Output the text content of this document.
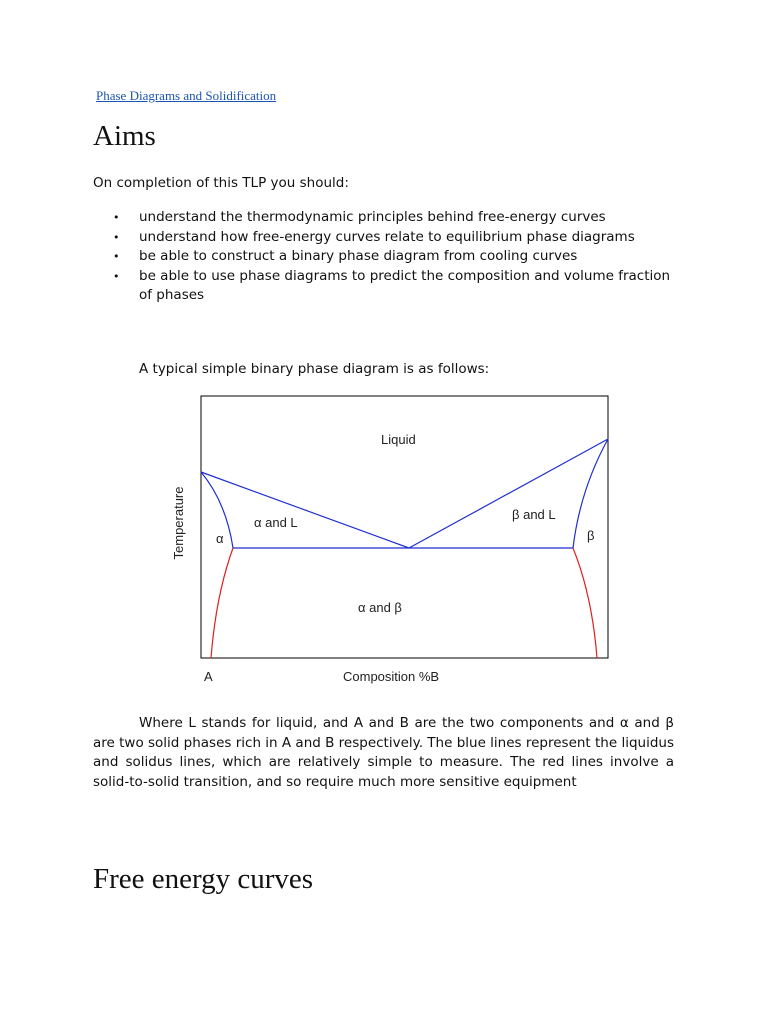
Phase Diagrams and Solidification
Aims
On completion of this TLP you should:
• understand the thermodynamic principles behind free-energy curves
• understand how free-energy curves relate to equilibrium phase diagrams
• be able to construct a binary phase diagram from cooling curves
• be able to use phase diagrams to predict the composition and volume fraction of phases
A typical simple binary phase diagram is as follows:
Liquid
α and L
β and L
α	β
α and β
Temperature
Composition %B
A

Where L stands for liquid, and A and B are the two components and α and β are two solid phases rich in A and B respectively. The blue lines represent the liquidus and solidus lines, which are relatively simple to measure. The red lines involve a solid-to-solid transition, and so require much more sensitive equipment

Free energy curves
